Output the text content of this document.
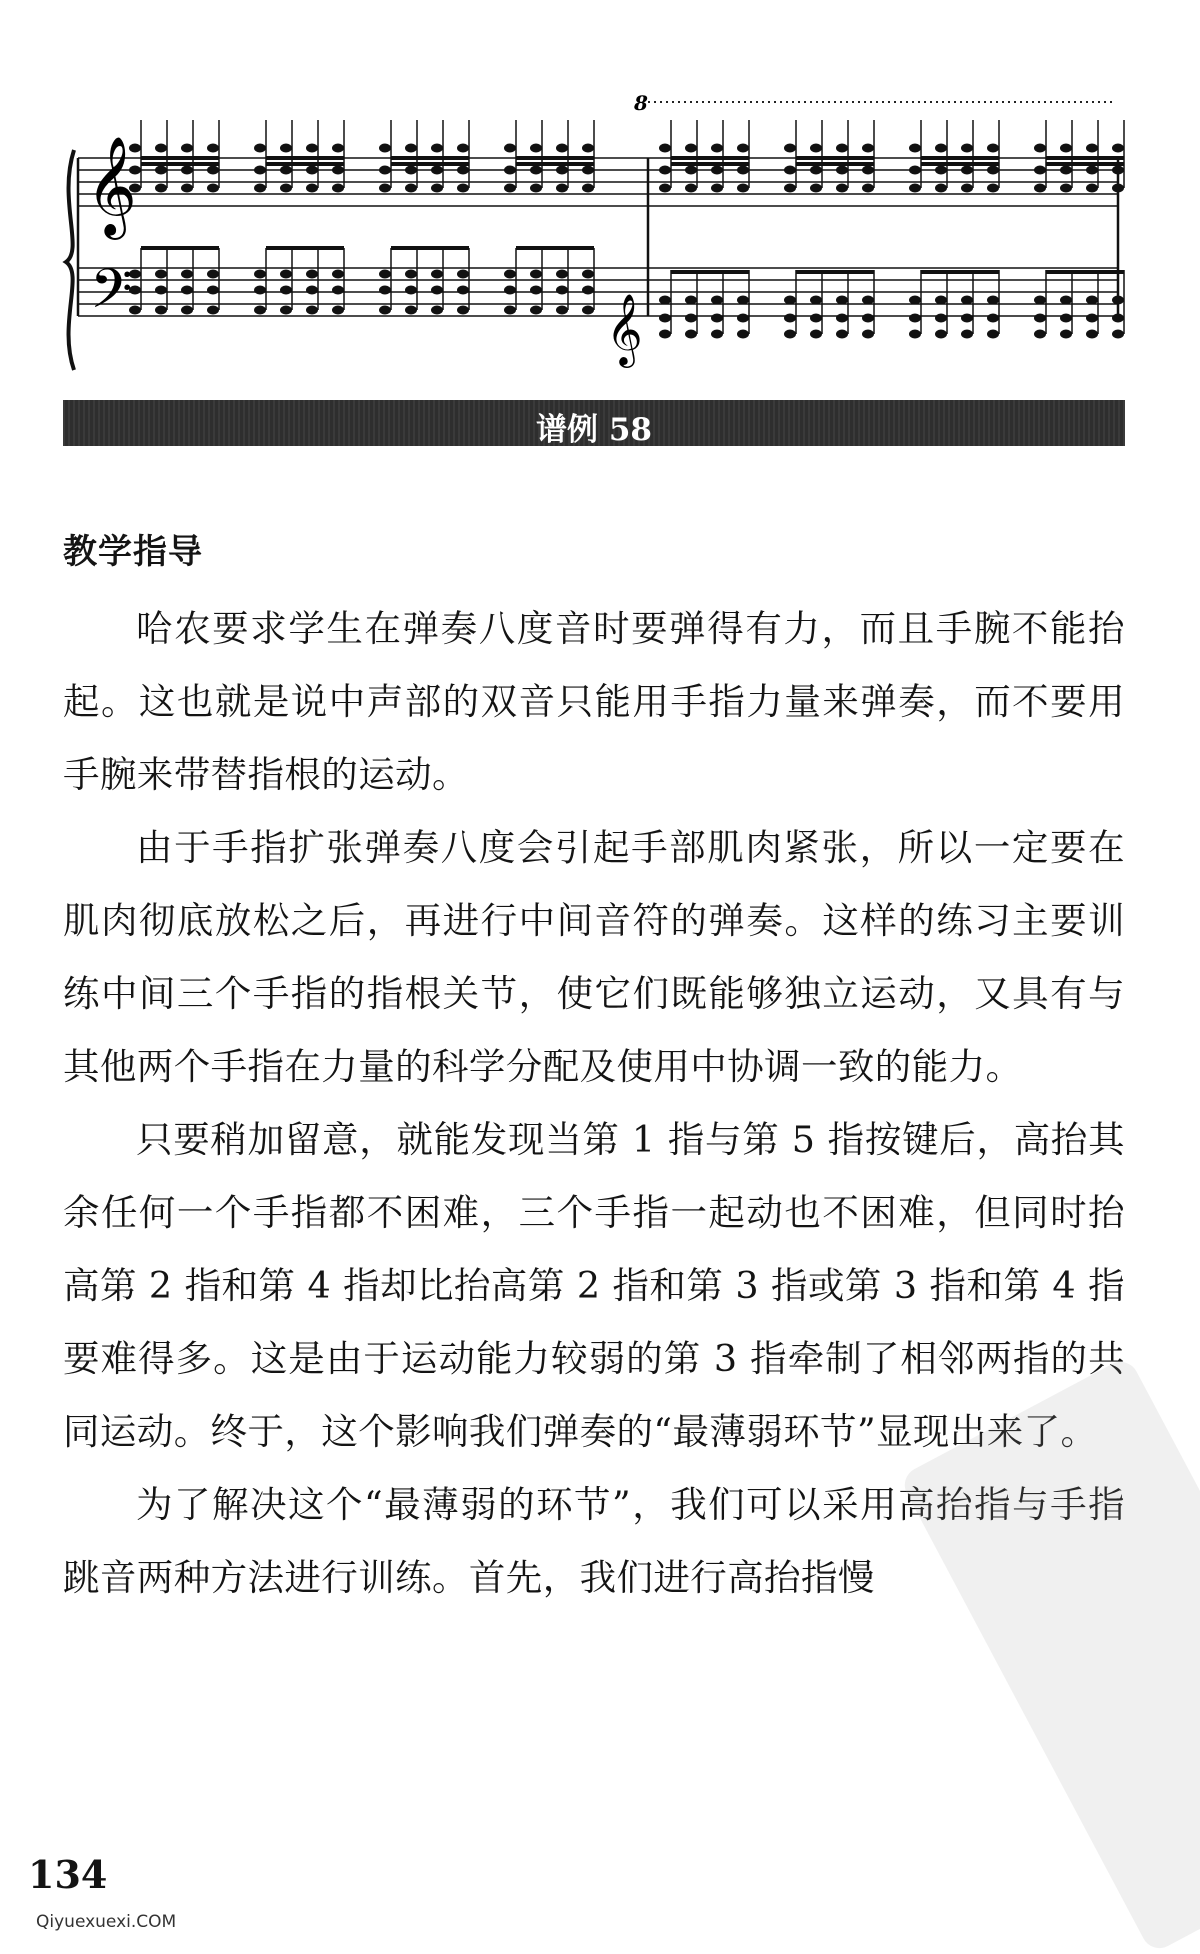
8
𝄞
𝄢	𝄞
谱例 58
教学指导

哈农要求学生在弹奏八度音时要弹得有力，而且手腕不能抬起。这也就是说中声部的双音只能用手指力量来弹奏，而不要用手腕来带替指根的运动。

由于手指扩张弹奏八度会引起手部肌肉紧张，所以一定要在肌肉彻底放松之后，再进行中间音符的弹奏。这样的练习主要训练中间三个手指的指根关节，使它们既能够独立运动，又具有与其他两个手指在力量的科学分配及使用中协调一致的能力。

只要稍加留意，就能发现当第 1 指与第 5 指按键后，高抬其余任何一个手指都不困难，三个手指一起动也不困难，但同时抬高第 2 指和第 4 指却比抬高第 2 指和第 3 指或第 3 指和第 4 指要难得多。这是由于运动能力较弱的第 3 指牵制了相邻两指的共同运动。终于，这个影响我们弹奏的“最薄弱环节”显现出来了。

为了解决这个“最薄弱的环节”，我们可以采用高抬指与手指跳音两种方法进行训练。首先，我们进行高抬指慢

134
Qiyuexuexi.COM
